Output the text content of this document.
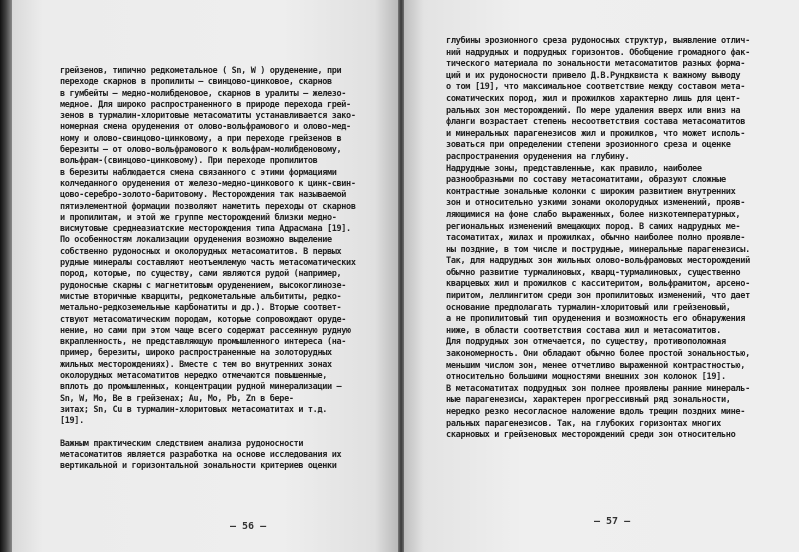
грейзенов, типично редкометальное ( Sn, W ) оруденение, при
переходе скарнов в пропилиты – свинцово-цинковое, скарнов
в гумбейты – медно-молибденовое, скарнов в уралиты – железо-
медное. Для широко распространенного в природе перехода грей-
зенов в турмалин-хлоритовые метасоматиты устанавливается зако-
номерная смена оруденения от олово-вольфрамового и олово-мед-
ному и олово-свинцово-цинковому, а при переходе грейзенов в
березиты – от олово-вольфрамового к вольфрам-молибденовому,
вольфрам-(свинцово-цинковому). При переходе пропилитов
в березиты наблюдается смена связанного с этими формациями
колчеданного оруденения от железо-медно-цинкового к цинк-свин-
цово-серебро-золото-баритовому. Месторождения так называемой
пятиэлементной формации позволяют наметить переходы от скарнов
и пропилитам, и этой же группе месторождений близки медно-
висмутовые среднеазиатские месторождения типа Адрасмана [19].
По особенностям локализации оруденения возможно выделение
собственно рудоносных и околорудных метасоматитов. В первых
рудные минералы составляют неотъемлемую часть метасоматических
пород, которые, по существу, сами являются рудой (например,
рудоносные скарны с магнетитовым оруденением, высокоглинозе-
мистые вторичные кварциты, редкометальные альбититы, редко-
метально-редкоземельные карбонатиты и др.). Вторые соответ-
ствуют метасоматическим породам, которые сопровождают оруде-
нение, но сами при этом чаще всего содержат рассеянную рудную
вкрапленность, не представляющую промышленного интереса (на-
пример, березиты, широко распространенные на золоторудных
жильных месторождениях). Вместе с тем во внутренних зонах
околорудных метасоматитов нередко отмечаются повышенные,
вплоть до промышленных, концентрации рудной минерализации –
Sn, W, Mo, Be в грейзенах; Au, Mo, Pb, Zn в бере-
зитах; Sn, Cu в турмалин-хлоритовых метасоматитах и т.д.
[19].

Важным практическим следствием анализа рудоносности
метасоматитов является разработка на основе исследования их
вертикальной и горизонтальной зональности критериев оценки
– 56 –
глубины эрозионного среза рудоносных структур, выявление отлич-
ний надрудных и подрудных горизонтов. Обобщение громадного фак-
тического материала по зональности метасоматитов разных форма-
ций и их рудоносности привело Д.В.Рундквиста к важному выводу
о том [19], что максимальное соответствие между составом мета-
соматических пород, жил и прожилков характерно лишь для цент-
ральных зон месторождений. По мере удаления вверх или вниз на
фланги возрастает степень несоответствия состава метасоматитов
и минеральных парагенезисов жил и прожилков, что может исполь-
зоваться при определении степени эрозионного среза и оценке
распространения оруденения на глубину.
Надрудные зоны, представленные, как правило, наиболее
разнообразными по составу метасоматитами, образуют сложные
контрастные зональные колонки с широким развитием внутренних
зон и относительно узкими зонами околорудных изменений, прояв-
ляющимися на фоне слабо выраженных, более низкотемпературных,
региональных изменений вмещающих пород. В самих надрудных ме-
тасоматитах, жилах и прожилках, обычно наиболее полно проявле-
ны поздние, в том числе и пострудные, минеральные парагенезисы.
Так, для надрудных зон жильных олово-вольфрамовых месторождений
обычно развитие турмалиновых, кварц-турмалиновых, существенно
кварцевых жил и прожилков с касситеритом, вольфрамитом, арсено-
пиритом, леллингитом среди зон пропилитовых изменений, что дает
основание предполагать турмалин-хлоритовый или грейзеновый,
а не пропилитовый тип оруденения и возможность его обнаружения
ниже, в области соответствия состава жил и метасоматитов.
Для подрудных зон отмечается, по существу, противоположная
закономерность. Они обладают обычно более простой зональностью,
меньшим числом зон, менее отчетливо выраженной контрастностью,
относительно большими мощностями внешних зон колонок [19].
В метасоматитах подрудных зон полнее проявлены ранние минераль-
ные парагенезисы, характерен прогрессивный ряд зональности,
нередко резко несогласное наложение вдоль трещин поздних мине-
ральных парагенезисов. Так, на глубоких горизонтах многих
скарновых и грейзеновых месторождений среди зон относительно
– 57 –
